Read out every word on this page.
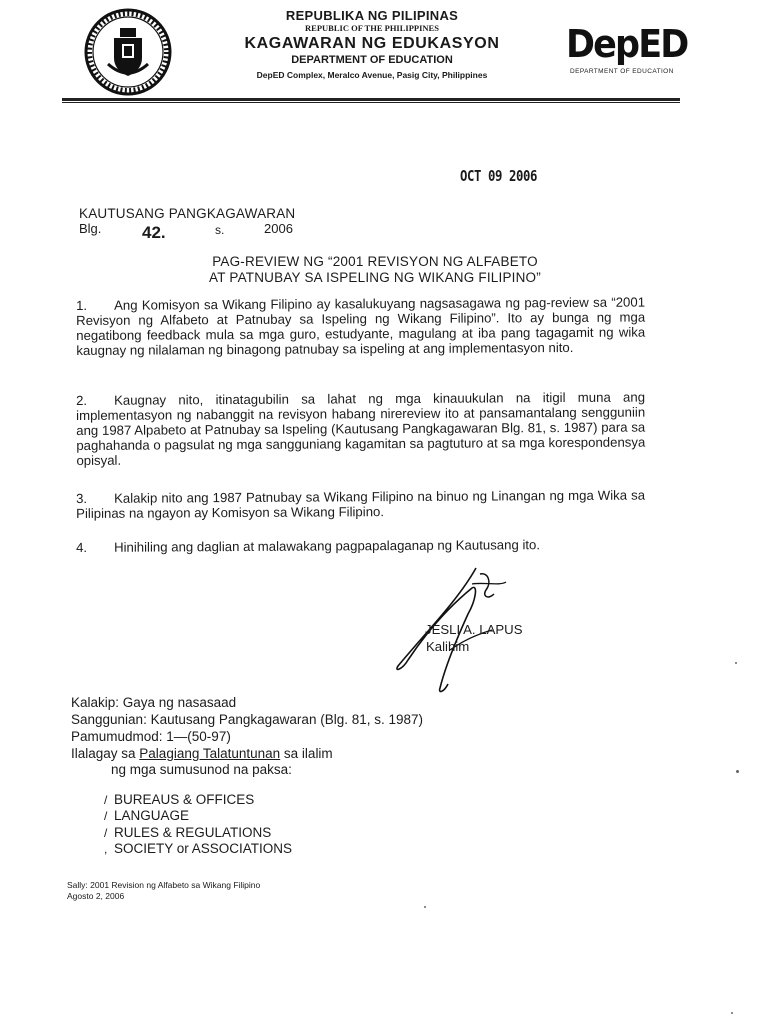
REPUBLIKA NG PILIPINAS
REPUBLIC OF THE PHILIPPINES
KAGAWARAN NG EDUKASYON
DEPARTMENT OF EDUCATION
DepED Complex, Meralco Avenue, Pasig City, Philippines
DepED
DEPARTMENT OF EDUCATION
OCT 09 2006
KAUTUSANG PANGKAGAWARAN
Blg. 42.	s.	2006
PAG-REVIEW NG “2001 REVISYON NG ALFABETO
AT PATNUBAY SA ISPELING NG WIKANG FILIPINO”
1. Ang Komisyon sa Wikang Filipino ay kasalukuyang nagsasagawa ng pag-review sa “2001 Revisyon ng Alfabeto at Patnubay sa Ispeling ng Wikang Filipino”. Ito ay bunga ng mga negatibong feedback mula sa mga guro, estudyante, magulang at iba pang tagagamit ng wika kaugnay ng nilalaman ng binagong patnubay sa ispeling at ang implementasyon nito.
2. Kaugnay nito, itinatagubilin sa lahat ng mga kinauukulan na itigil muna ang implementasyon ng nabanggit na revisyon habang nirereview ito at pansamantalang sengguniin ang 1987 Alpabeto at Patnubay sa Ispeling (Kautusang Pangkagawaran Blg. 81, s. 1987) para sa paghahanda o pagsulat ng mga sangguniang kagamitan sa pagtuturo at sa mga korespondensya opisyal.
3. Kalakip nito ang 1987 Patnubay sa Wikang Filipino na binuo ng Linangan ng mga Wika sa Pilipinas na ngayon ay Komisyon sa Wikang Filipino.
4. Hinihiling ang daglian at malawakang pagpapalaganap ng Kautusang ito.
JESLI A. LAPUS
Kalihim
Kalakip: Gaya ng nasasaad
Sanggunian: Kautusang Pangkagawaran (Blg. 81, s. 1987)
Pamumudmod: 1—(50-97)
Ilalagay sa Palagiang Talatuntunan sa ilalim
ng mga sumusunod na paksa:
/ BUREAUS & OFFICES
/ LANGUAGE
/ RULES & REGULATIONS
, SOCIETY or ASSOCIATIONS
Sally: 2001 Revision ng Alfabeto sa Wikang Filipino
Agosto 2, 2006
